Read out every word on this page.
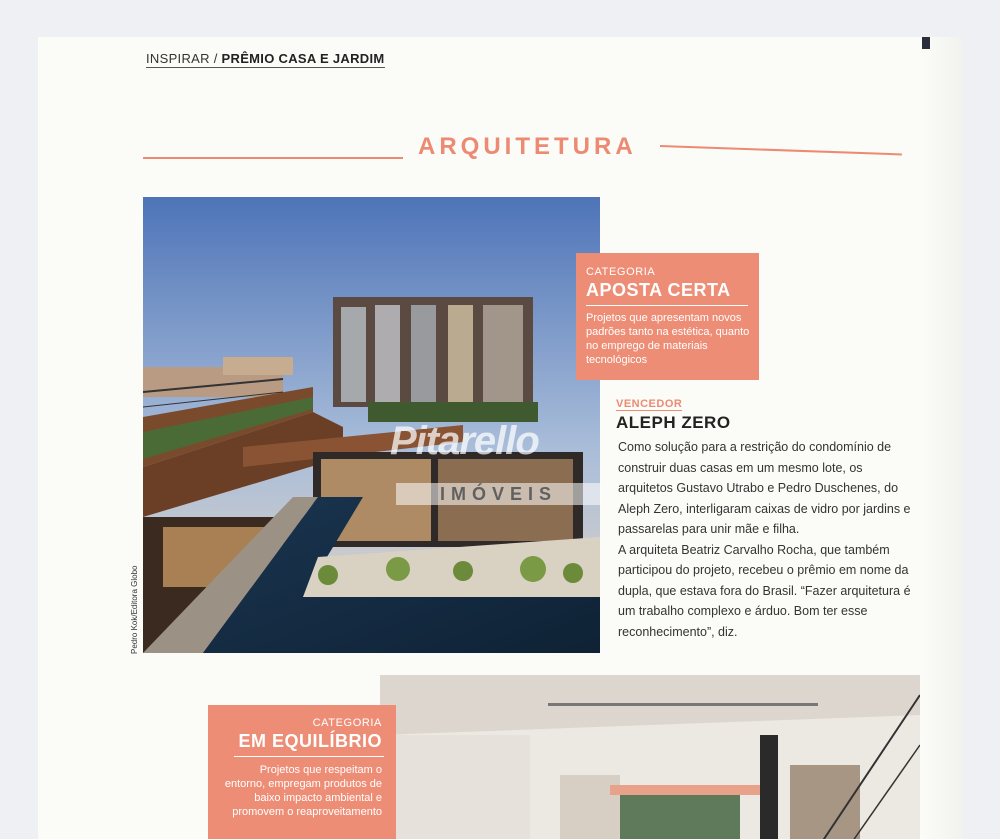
INSPIRAR / PRÊMIO CASA E JARDIM
ARQUITETURA
Pedro Kok/Editora Globo
Pitarello
IMÓVEIS
CATEGORIA
APOSTA CERTA
Projetos que apresentam novos padrões tanto na estética, quanto no emprego de materiais tecnológicos
VENCEDOR
ALEPH ZERO

Como solução para a restrição do condomínio de construir duas casas em um mesmo lote, os arquitetos Gustavo Utrabo e Pedro Duschenes, do Aleph Zero, interligaram caixas de vidro por jardins e passarelas para unir mãe e filha.

A arquiteta Beatriz Carvalho Rocha, que também participou do projeto, recebeu o prêmio em nome da dupla, que estava fora do Brasil. “Fazer arquitetura é um trabalho complexo e árduo. Bom ter esse reconhecimento”, diz.

CATEGORIA
EM EQUILÍBRIO
Projetos que respeitam o entorno, empregam produtos de baixo impacto ambiental e promovem o reaproveitamento
